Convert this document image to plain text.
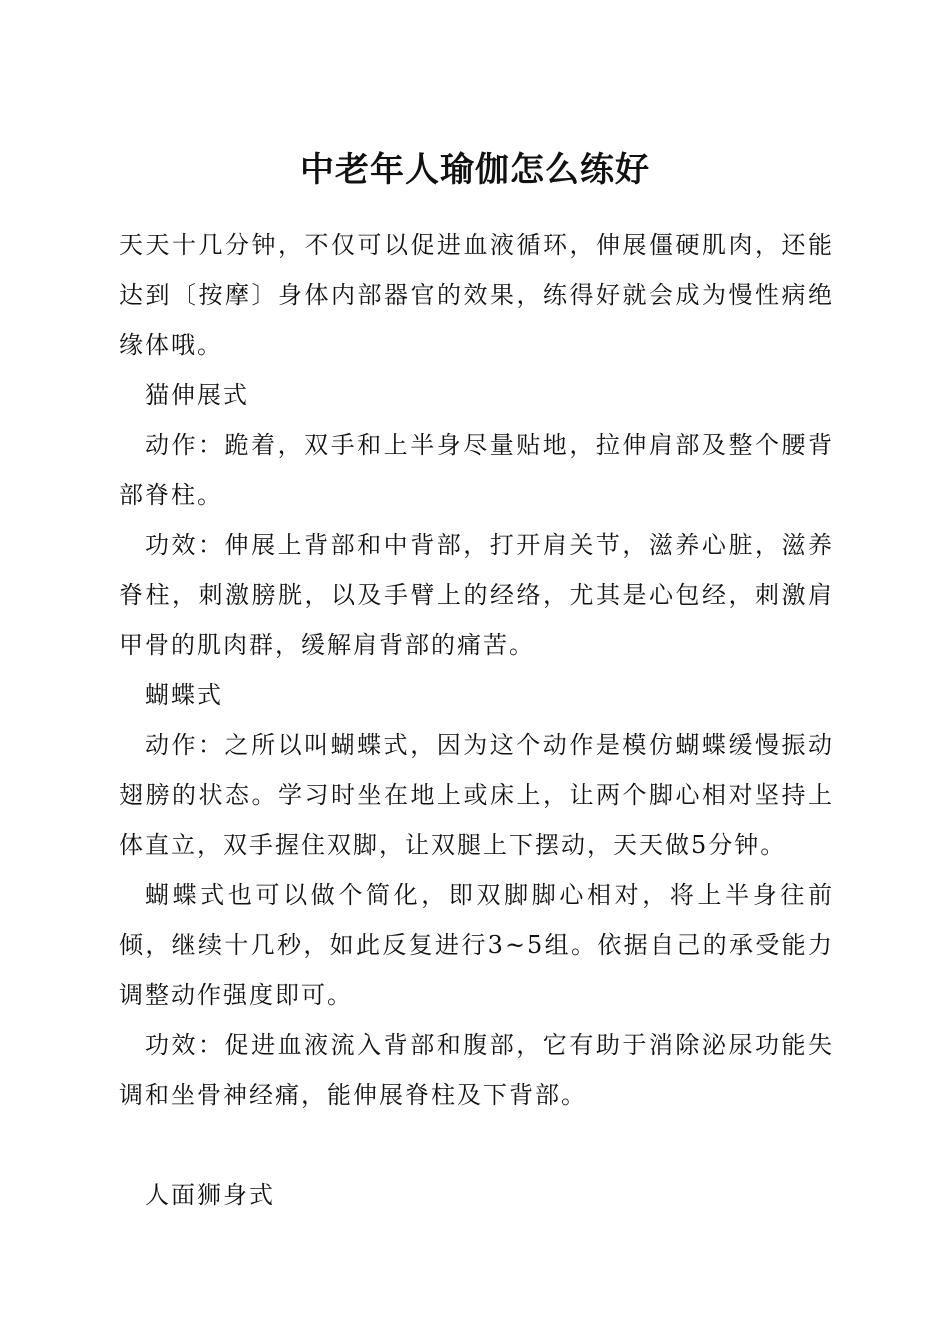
中老年人瑜伽怎么练好

天天十几分钟，不仅可以促进血液循环，伸展僵硬肌肉，还能达到〔按摩〕身体内部器官的效果，练得好就会成为慢性病绝缘体哦。

猫伸展式

动作：跪着，双手和上半身尽量贴地，拉伸肩部及整个腰背部脊柱。

功效：伸展上背部和中背部，打开肩关节，滋养心脏，滋养脊柱，刺激膀胱，以及手臂上的经络，尤其是心包经，刺激肩甲骨的肌肉群，缓解肩背部的痛苦。

蝴蝶式

动作：之所以叫蝴蝶式，因为这个动作是模仿蝴蝶缓慢振动翅膀的状态。学习时坐在地上或床上，让两个脚心相对坚持上体直立，双手握住双脚，让双腿上下摆动，天天做5分钟。

蝴蝶式也可以做个简化，即双脚脚心相对，将上半身往前倾，继续十几秒，如此反复进行3~5组。依据自己的承受能力调整动作强度即可。

功效：促进血液流入背部和腹部，它有助于消除泌尿功能失调和坐骨神经痛，能伸展脊柱及下背部。

人面狮身式
